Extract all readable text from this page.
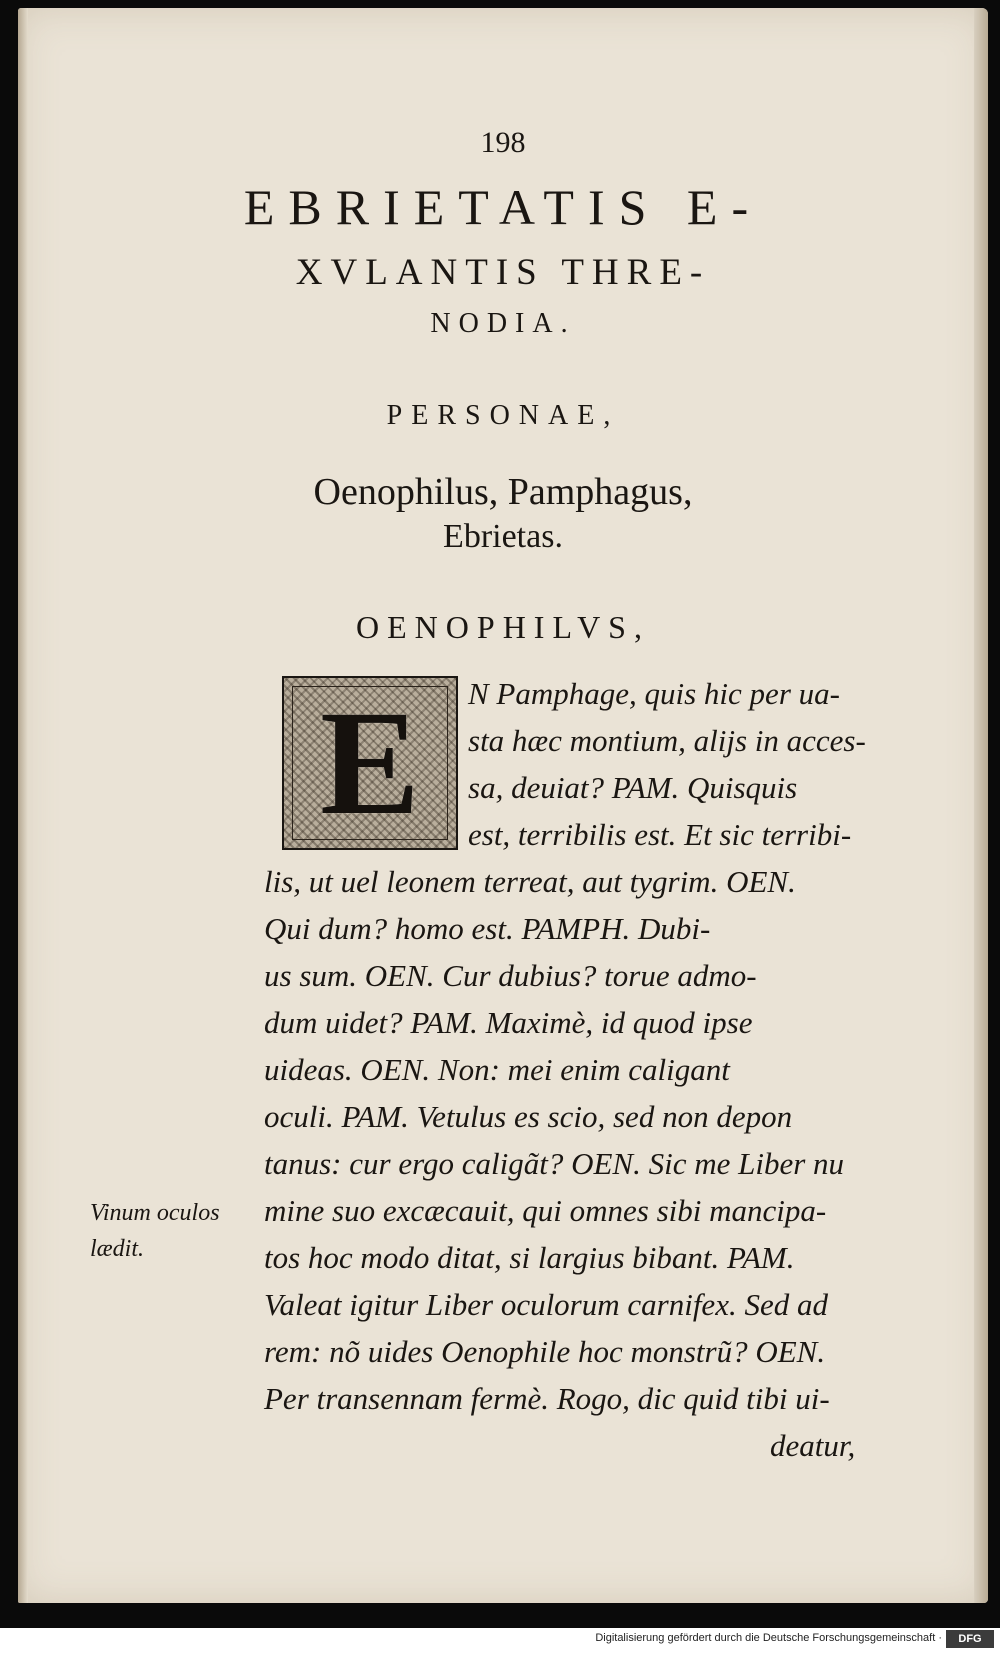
198
EBRIETATIS E-
XVLANTIS THRE-
NODIA.
PERSONAE,
Oenophilus, Pamphagus,
Ebrietas.
OENOPHILVS,
E	N Pamphage, quis hic per ua-
sta hæc montium, alijs in acces-
sa, deuiat? PAM. Quisquis
est, terribilis est. Et sic terribi-
lis, ut uel leonem terreat, aut tygrim. OEN.
Qui dum? homo est. PAMPH. Dubi-
us sum. OEN. Cur dubius? torue admo-
dum uidet? PAM. Maximè, id quod ipse
uideas. OEN. Non: mei enim caligant
oculi. PAM. Vetulus es scio, sed non depon
tanus: cur ergo caligãt? OEN. Sic me Liber nu
mine suo excæcauit, qui omnes sibi mancipa-
tos hoc modo ditat, si largius bibant. PAM.
Valeat igitur Liber oculorum carnifex. Sed ad
rem: nõ uides Oenophile hoc monstrũ? OEN.
Per transennam fermè. Rogo, dic quid tibi ui-
deatur,
Vinum oculos
lædit.
Digitalisierung gefördert durch die Deutsche Forschungsgemeinschaft ·	DFG
